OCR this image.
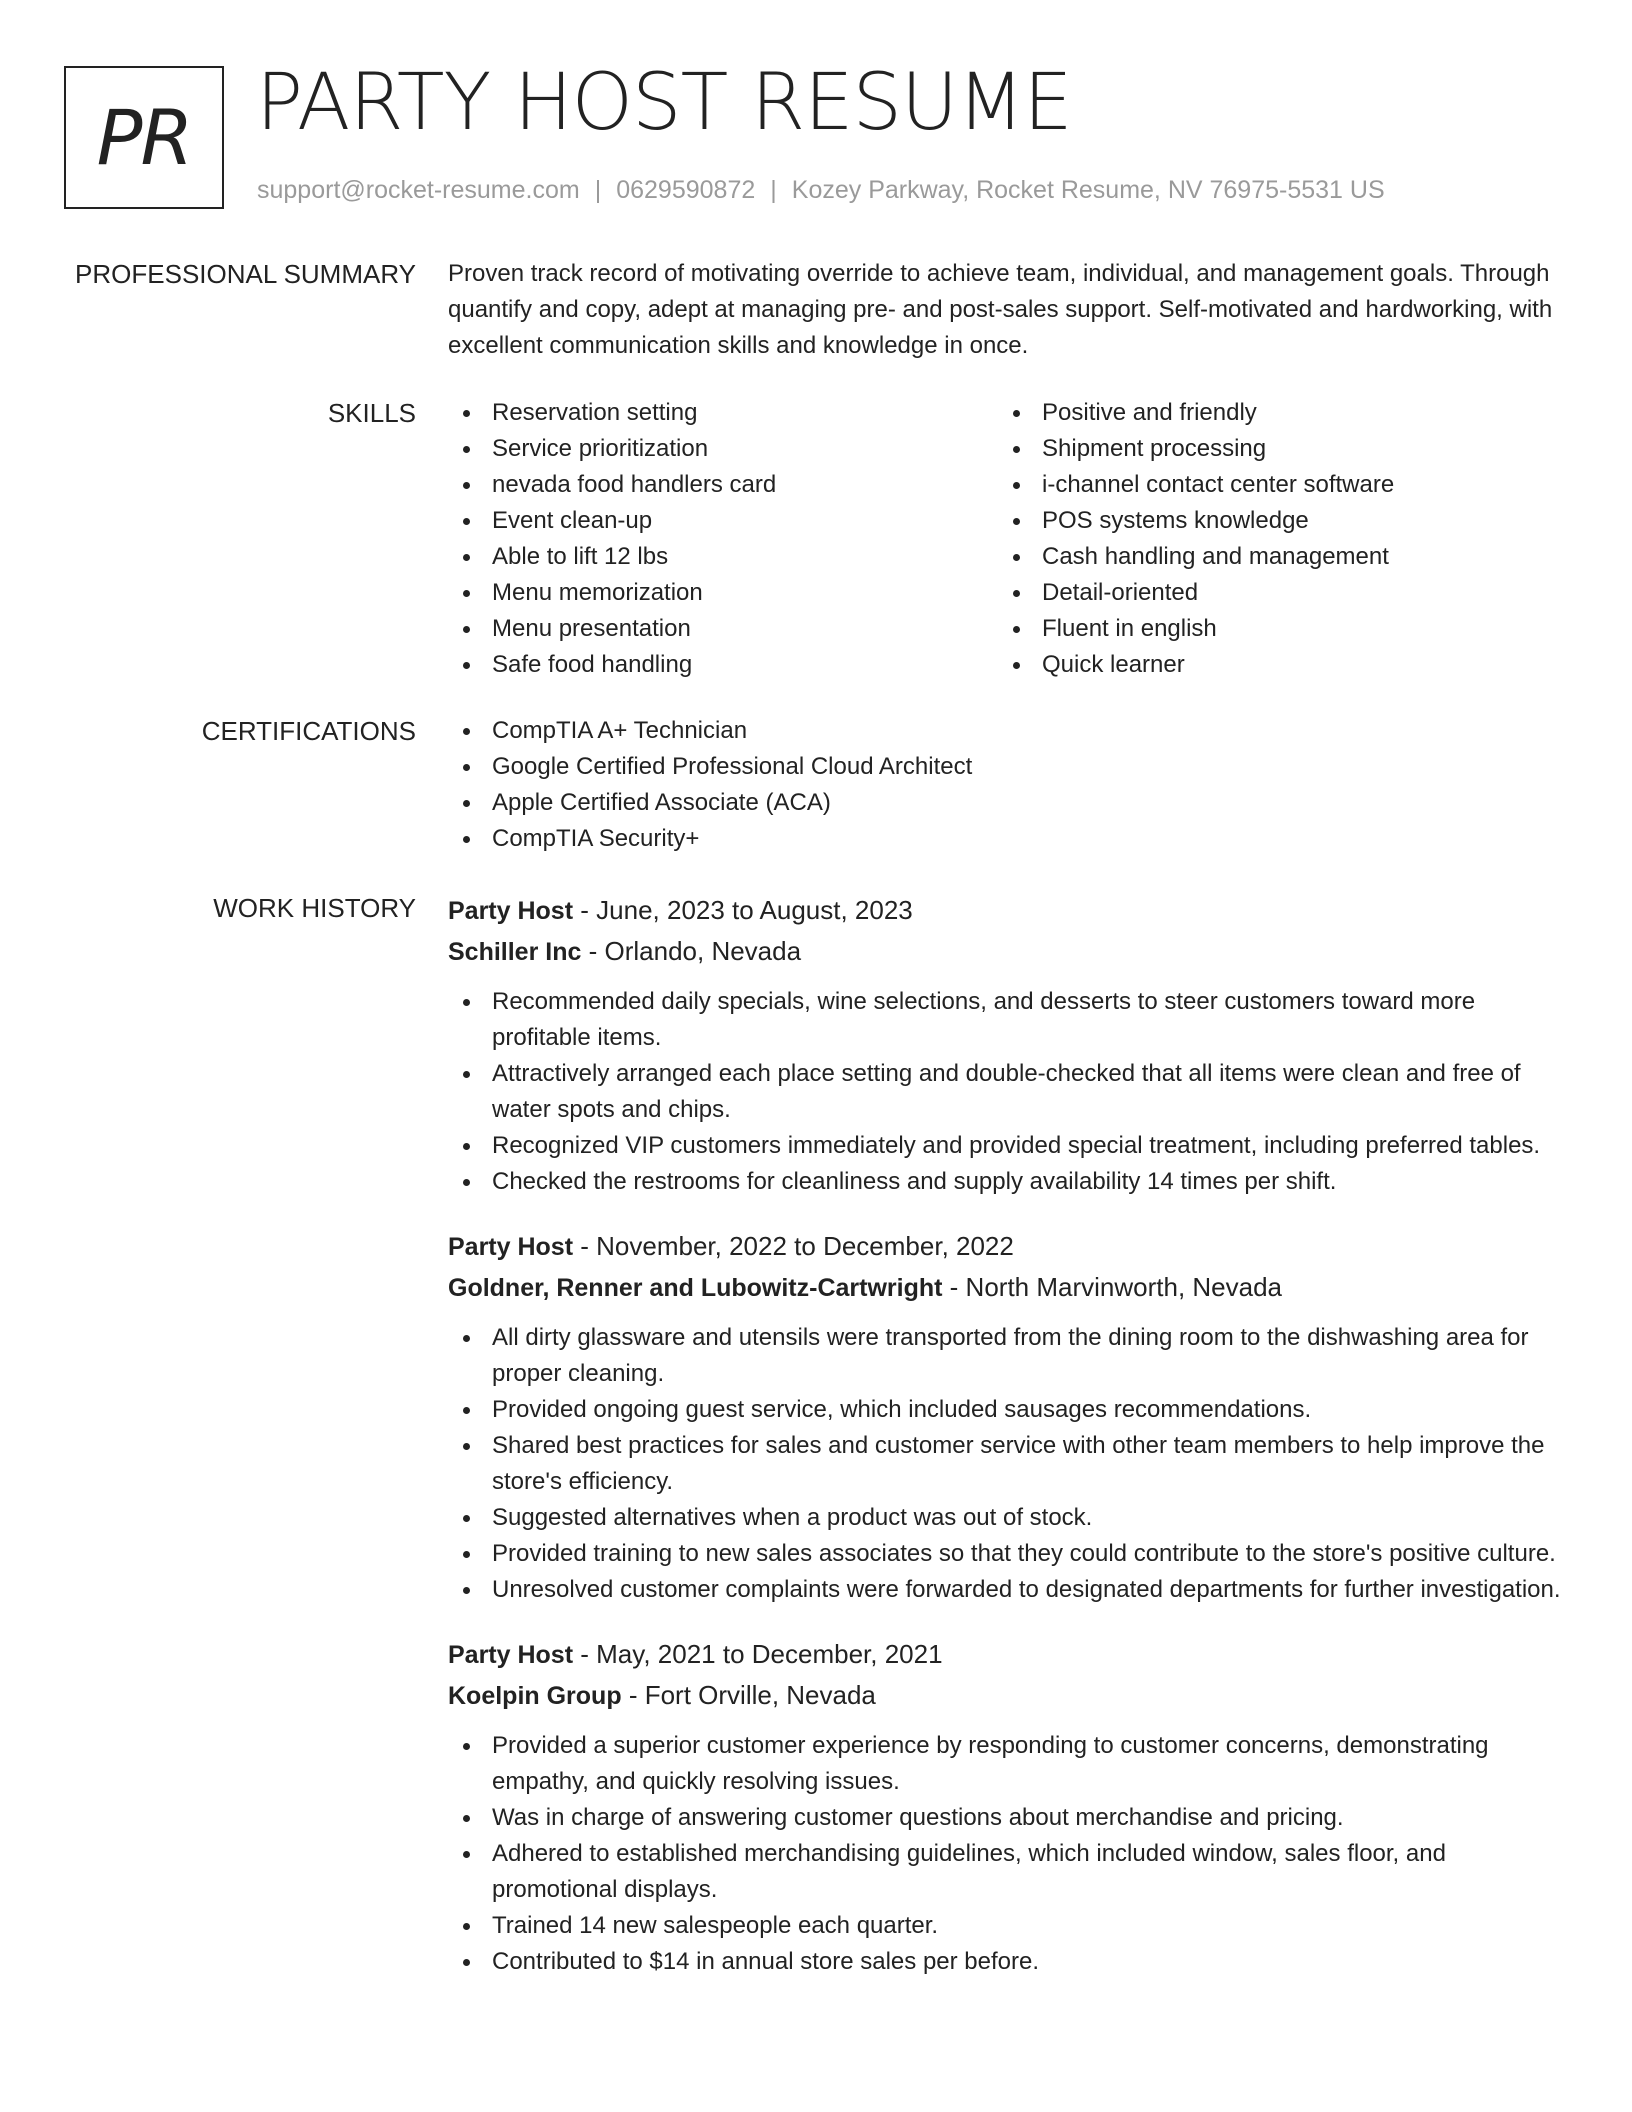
PR PARTY HOST RESUME
support@rocket-resume.com | 0629590872 | Kozey Parkway, Rocket Resume, NV 76975-5531 US
PROFESSIONAL SUMMARY Proven track record of motivating override to achieve team, individual, and management goals. Through quantify and copy, adept at managing pre- and post-sales support. Self-motivated and hardworking, with excellent communication skills and knowledge in once.

SKILLS	Reservation setting
Service prioritization
nevada food handlers card
Event clean-up
Able to lift 12 lbs
Menu memorization
Menu presentation
Safe food handling
Positive and friendly
Shipment processing
i-channel contact center software
POS systems knowledge
Cash handling and management
Detail-oriented
Fluent in english
Quick learner
CERTIFICATIONS	CompTIA A+ Technician
Google Certified Professional Cloud Architect
Apple Certified Associate (ACA)
CompTIA Security+
WORK HISTORY Party Host - June, 2023 to August, 2023
Schiller Inc - Orlando, Nevada
Recommended daily specials, wine selections, and desserts to steer customers toward more profitable items.
Attractively arranged each place setting and double-checked that all items were clean and free of water spots and chips.
Recognized VIP customers immediately and provided special treatment, including preferred tables.
Checked the restrooms for cleanliness and supply availability 14 times per shift.
Party Host - November, 2022 to December, 2022
Goldner, Renner and Lubowitz-Cartwright - North Marvinworth, Nevada
All dirty glassware and utensils were transported from the dining room to the dishwashing area for proper cleaning.
Provided ongoing guest service, which included sausages recommendations.
Shared best practices for sales and customer service with other team members to help improve the store's efficiency.
Suggested alternatives when a product was out of stock.
Provided training to new sales associates so that they could contribute to the store's positive culture.
Unresolved customer complaints were forwarded to designated departments for further investigation.
Party Host - May, 2021 to December, 2021
Koelpin Group - Fort Orville, Nevada
Provided a superior customer experience by responding to customer concerns, demonstrating empathy, and quickly resolving issues.
Was in charge of answering customer questions about merchandise and pricing.
Adhered to established merchandising guidelines, which included window, sales floor, and promotional displays.
Trained 14 new salespeople each quarter.
Contributed to $14 in annual store sales per before.
